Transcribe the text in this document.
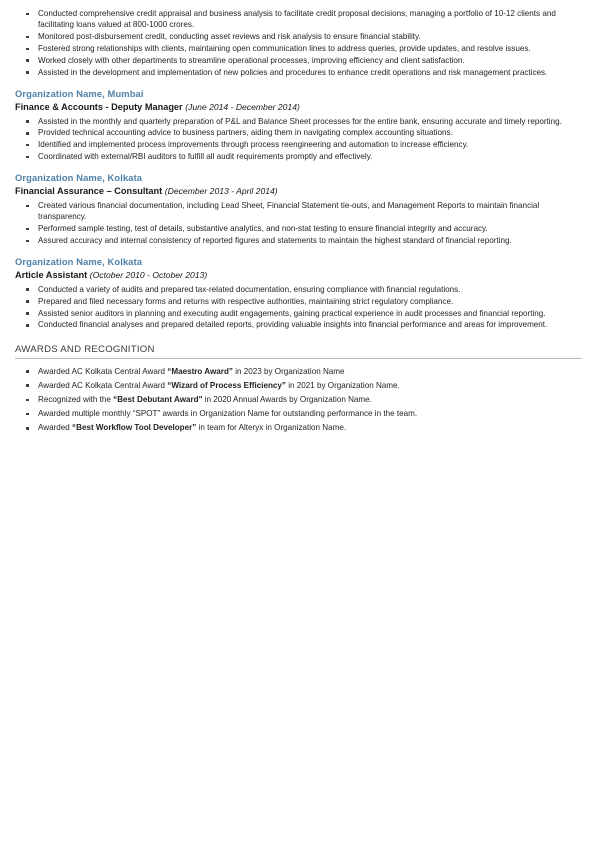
Conducted comprehensive credit appraisal and business analysis to facilitate credit proposal decisions, managing a portfolio of 10-12 clients and facilitating loans valued at 800-1000 crores.
Monitored post-disbursement credit, conducting asset reviews and risk analysis to ensure financial stability.
Fostered strong relationships with clients, maintaining open communication lines to address queries, provide updates, and resolve issues.
Worked closely with other departments to streamline operational processes, improving efficiency and client satisfaction.
Assisted in the development and implementation of new policies and procedures to enhance credit operations and risk management practices.
Organization Name, Mumbai
Finance & Accounts - Deputy Manager (June 2014 - December 2014)
Assisted in the monthly and quarterly preparation of P&L and Balance Sheet processes for the entire bank, ensuring accurate and timely reporting.
Provided technical accounting advice to business partners, aiding them in navigating complex accounting situations.
Identified and implemented process improvements through process reengineering and automation to increase efficiency.
Coordinated with external/RBI auditors to fulfill all audit requirements promptly and effectively.
Organization Name, Kolkata
Financial Assurance – Consultant (December 2013 - April 2014)
Created various financial documentation, including Lead Sheet, Financial Statement tie-outs, and Management Reports to maintain financial transparency.
Performed sample testing, test of details, substantive analytics, and non-stat testing to ensure financial integrity and accuracy.
Assured accuracy and internal consistency of reported figures and statements to maintain the highest standard of financial reporting.
Organization Name, Kolkata
Article Assistant (October 2010 - October 2013)
Conducted a variety of audits and prepared tax-related documentation, ensuring compliance with financial regulations.
Prepared and filed necessary forms and returns with respective authorities, maintaining strict regulatory compliance.
Assisted senior auditors in planning and executing audit engagements, gaining practical experience in audit processes and financial reporting.
Conducted financial analyses and prepared detailed reports, providing valuable insights into financial performance and areas for improvement.
AWARDS AND RECOGNITION
Awarded AC Kolkata Central Award “Maestro Award” in 2023 by Organization Name
Awarded AC Kolkata Central Award “Wizard of Process Efficiency” in 2021 by Organization Name.
Recognized with the “Best Debutant Award" in 2020 Annual Awards by Organization Name.
Awarded multiple monthly “SPOT” awards in Organization Name for outstanding performance in the team.
Awarded “Best Workflow Tool Developer” in team for Alteryx in Organization Name.
